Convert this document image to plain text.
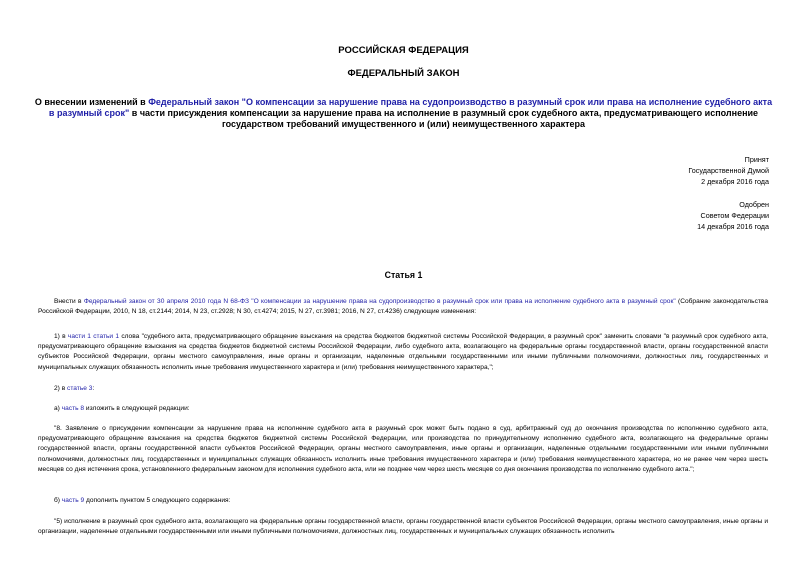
РОССИЙСКАЯ ФЕДЕРАЦИЯ
ФЕДЕРАЛЬНЫЙ ЗАКОН
О внесении изменений в Федеральный закон "О компенсации за нарушение права на судопроизводство в разумный срок или права на исполнение судебного акта в разумный срок" в части присуждения компенсации за нарушение права на исполнение в разумный срок судебного акта, предусматривающего исполнение государством требований имущественного и (или) неимущественного характера
Принят
Государственной Думой
2 декабря 2016 года
Одобрен
Советом Федерации
14 декабря 2016 года
Статья 1

Внести в Федеральный закон от 30 апреля 2010 года N 68-ФЗ "О компенсации за нарушение права на судопроизводство в разумный срок или права на исполнение судебного акта в разумный срок" (Собрание законодательства Российской Федерации, 2010, N 18, ст.2144; 2014, N 23, ст.2928; N 30, ст.4274; 2015, N 27, ст.3981; 2016, N 27, ст.4236) следующие изменения:

1) в части 1 статьи 1 слова "судебного акта, предусматривающего обращение взыскания на средства бюджетов бюджетной системы Российской Федерации, в разумный срок" заменить словами "в разумный срок судебного акта, предусматривающего обращение взыскания на средства бюджетов бюджетной системы Российской Федерации, либо судебного акта, возлагающего на федеральные органы государственной власти, органы государственной власти субъектов Российской Федерации, органы местного самоуправления, иные органы и организации, наделенные отдельными государственными или иными публичными полномочиями, должностных лиц, государственных и муниципальных служащих обязанность исполнить иные требования имущественного характера и (или) требования неимущественного характера,";

2) в статье 3:

а) часть 8 изложить в следующей редакции:

"8. Заявление о присуждении компенсации за нарушение права на исполнение судебного акта в разумный срок может быть подано в суд, арбитражный суд до окончания производства по исполнению судебного акта, предусматривающего обращение взыскания на средства бюджетов бюджетной системы Российской Федерации, или производства по принудительному исполнению судебного акта, возлагающего на федеральные органы государственной власти, органы государственной власти субъектов Российской Федерации, органы местного самоуправления, иные органы и организации, наделенные отдельными государственными или иными публичными полномочиями, должностных лиц, государственных и муниципальных служащих обязанность исполнить иные требования имущественного характера и (или) требования неимущественного характера, но не ранее чем через шесть месяцев со дня истечения срока, установленного федеральным законом для исполнения судебного акта, или не позднее чем через шесть месяцев со дня окончания производства по исполнению судебного акта.";

б) часть 9 дополнить пунктом 5 следующего содержания:

"5) исполнение в разумный срок судебного акта, возлагающего на федеральные органы государственной власти, органы государственной власти субъектов Российской Федерации, органы местного самоуправления, иные органы и организации, наделенные отдельными государственными или иными публичными полномочиями, должностных лиц, государственных и муниципальных служащих обязанность исполнить
